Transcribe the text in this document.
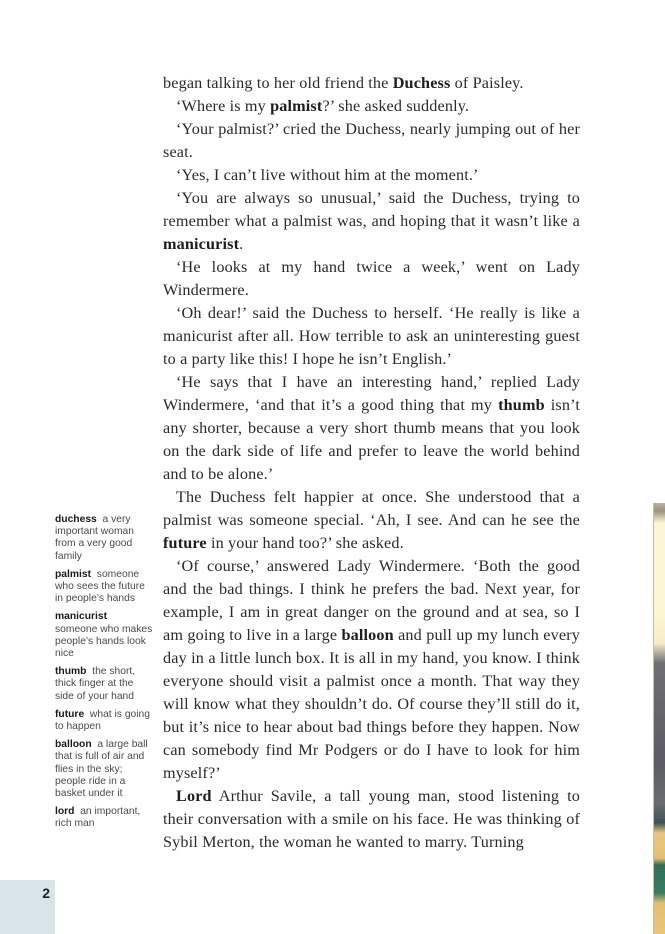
began talking to her old friend the Duchess of Paisley.

‘Where is my palmist?’ she asked suddenly.

‘Your palmist?’ cried the Duchess, nearly jumping out of her seat.

‘Yes, I can’t live without him at the moment.’

‘You are always so unusual,’ said the Duchess, trying to remember what a palmist was, and hoping that it wasn’t like a manicurist.

‘He looks at my hand twice a week,’ went on Lady Windermere.

‘Oh dear!’ said the Duchess to herself. ‘He really is like a manicurist after all. How terrible to ask an uninteresting guest to a party like this! I hope he isn’t English.’

‘He says that I have an interesting hand,’ replied Lady Windermere, ‘and that it’s a good thing that my thumb isn’t any shorter, because a very short thumb means that you look on the dark side of life and prefer to leave the world behind and to be alone.’

The Duchess felt happier at once. She understood that a palmist was someone special. ‘Ah, I see. And can he see the future in your hand too?’ she asked.

‘Of course,’ answered Lady Windermere. ‘Both the good and the bad things. I think he prefers the bad. Next year, for example, I am in great danger on the ground and at sea, so I am going to live in a large balloon and pull up my lunch every day in a little lunch box. It is all in my hand, you know. I think everyone should visit a palmist once a month. That way they will know what they shouldn’t do. Of course they’ll still do it, but it’s nice to hear about bad things before they happen. Now can somebody find Mr Podgers or do I have to look for him myself?’

Lord Arthur Savile, a tall young man, stood listening to their conversation with a smile on his face. He was thinking of Sybil Merton, the woman he wanted to marry. Turning

duchess a very important woman from a very good family
palmist someone who sees the future in people’s hands
manicurist  someone who makes people’s hands look nice
thumb the short, thick finger at the side of your hand
future what is going to happen
balloon a large ball that is full of air and flies in the sky; people ride in a basket under it
lord an important, rich man
2
